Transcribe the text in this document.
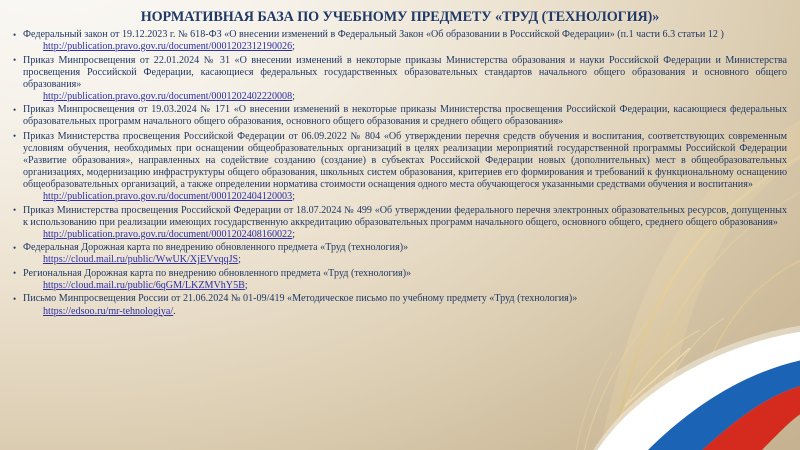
НОРМАТИВНАЯ БАЗА ПО УЧЕБНОМУ ПРЕДМЕТУ «ТРУД (ТЕХНОЛОГИЯ)»
• Федеральный закон от 19.12.2023 г. № 618-ФЗ «О внесении изменений в Федеральный Закон «Об образовании в Российской Федерации» (п.1 части 6.3 статьи 12 )
http://publication.pravo.gov.ru/document/0001202312190026;
• Приказ Минпросвещения от 22.01.2024 № 31 «О внесении изменений в некоторые приказы Министерства образования и науки Российской Федерации и Министерства просвещения Российской Федерации, касающиеся федеральных государственных образовательных стандартов начального общего образования и основного общего образования»
http://publication.pravo.gov.ru/document/0001202402220008;
• Приказ Минпросвещения от 19.03.2024 № 171 «О внесении изменений в некоторые приказы Министерства просвещения Российской Федерации, касающиеся федеральных образовательных программ начального общего образования, основного общего образования и среднего общего образования»
• Приказ Министерства просвещения Российской Федерации от 06.09.2022 № 804 «Об утверждении перечня средств обучения и воспитания, соответствующих современным условиям обучения, необходимых при оснащении общеобразовательных организаций в целях реализации мероприятий государственной программы Российской Федерации «Развитие образования», направленных на содействие созданию (создание) в субъектах Российской Федерации новых (дополнительных) мест в общеобразовательных организациях, модернизацию инфраструктуры общего образования, школьных систем образования, критериев его формирования и требований к функциональному оснащению общеобразовательных организаций, а также определении норматива стоимости оснащения одного места обучающегося указанными средствами обучения и воспитания»
http://publication.pravo.gov.ru/document/0001202404120003;
• Приказ Министерства просвещения Российской Федерации от 18.07.2024 № 499 «Об утверждении федерального перечня электронных образовательных ресурсов, допущенных к использованию при реализации имеющих государственную аккредитацию образовательных программ начального общего, основного общего, среднего общего образования»
http://publication.pravo.gov.ru/document/0001202408160022;
• Федеральная Дорожная карта по внедрению обновленного предмета «Труд (технология)»
https://cloud.mail.ru/public/WwUK/XjEVvqqJS;
• Региональная Дорожная карта по внедрению обновленного предмета «Труд (технология)»
https://cloud.mail.ru/public/6qGM/LKZMVhY5B;
• Письмо Минпросвещения России от 21.06.2024 № 01-09/419 «Методическое письмо по учебному предмету «Труд (технология)»
https://edsoo.ru/mr-tehnologiya/.
